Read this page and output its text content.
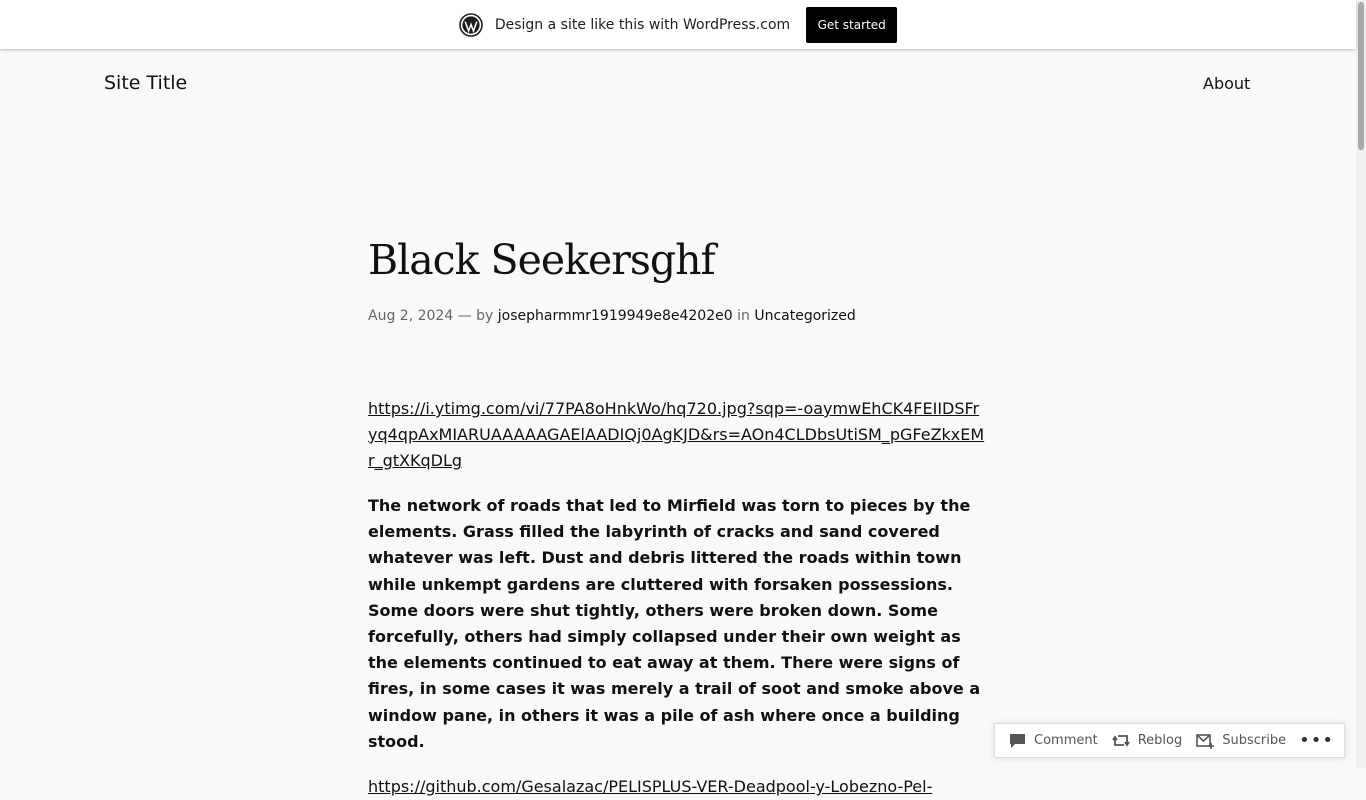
Design a site like this with WordPress.com	Get started
Site Title	About
Black Seekersghf
Aug 2, 2024 — by josepharmmr1919949e8e4202e0 in Uncategorized
https://i.ytimg.com/vi/77PA8oHnkWo/hq720.jpg?sqp=-oaymwEhCK4FEIIDSFryq4qpAxMIARUAAAAAGAElAADIQj0AgKJD&rs=AOn4CLDbsUtiSM_pGFeZkxEMr_gtXKqDLg

The network of roads that led to Mirfield was torn to pieces by the elements. Grass filled the labyrinth of cracks and sand covered whatever was left. Dust and debris littered the roads within town while unkempt gardens are cluttered with forsaken possessions.
Some doors were shut tightly, others were broken down. Some forcefully, others had simply collapsed under their own weight as the elements continued to eat away at them. There were signs of fires, in some cases it was merely a trail of soot and smoke above a window pane, in others it was a pile of ash where once a building stood.

https://github.com/Gesalazac/PELISPLUS-VER-Deadpool-y-Lobezno-Pel-
Comment	Reblog	Subscribe •••
